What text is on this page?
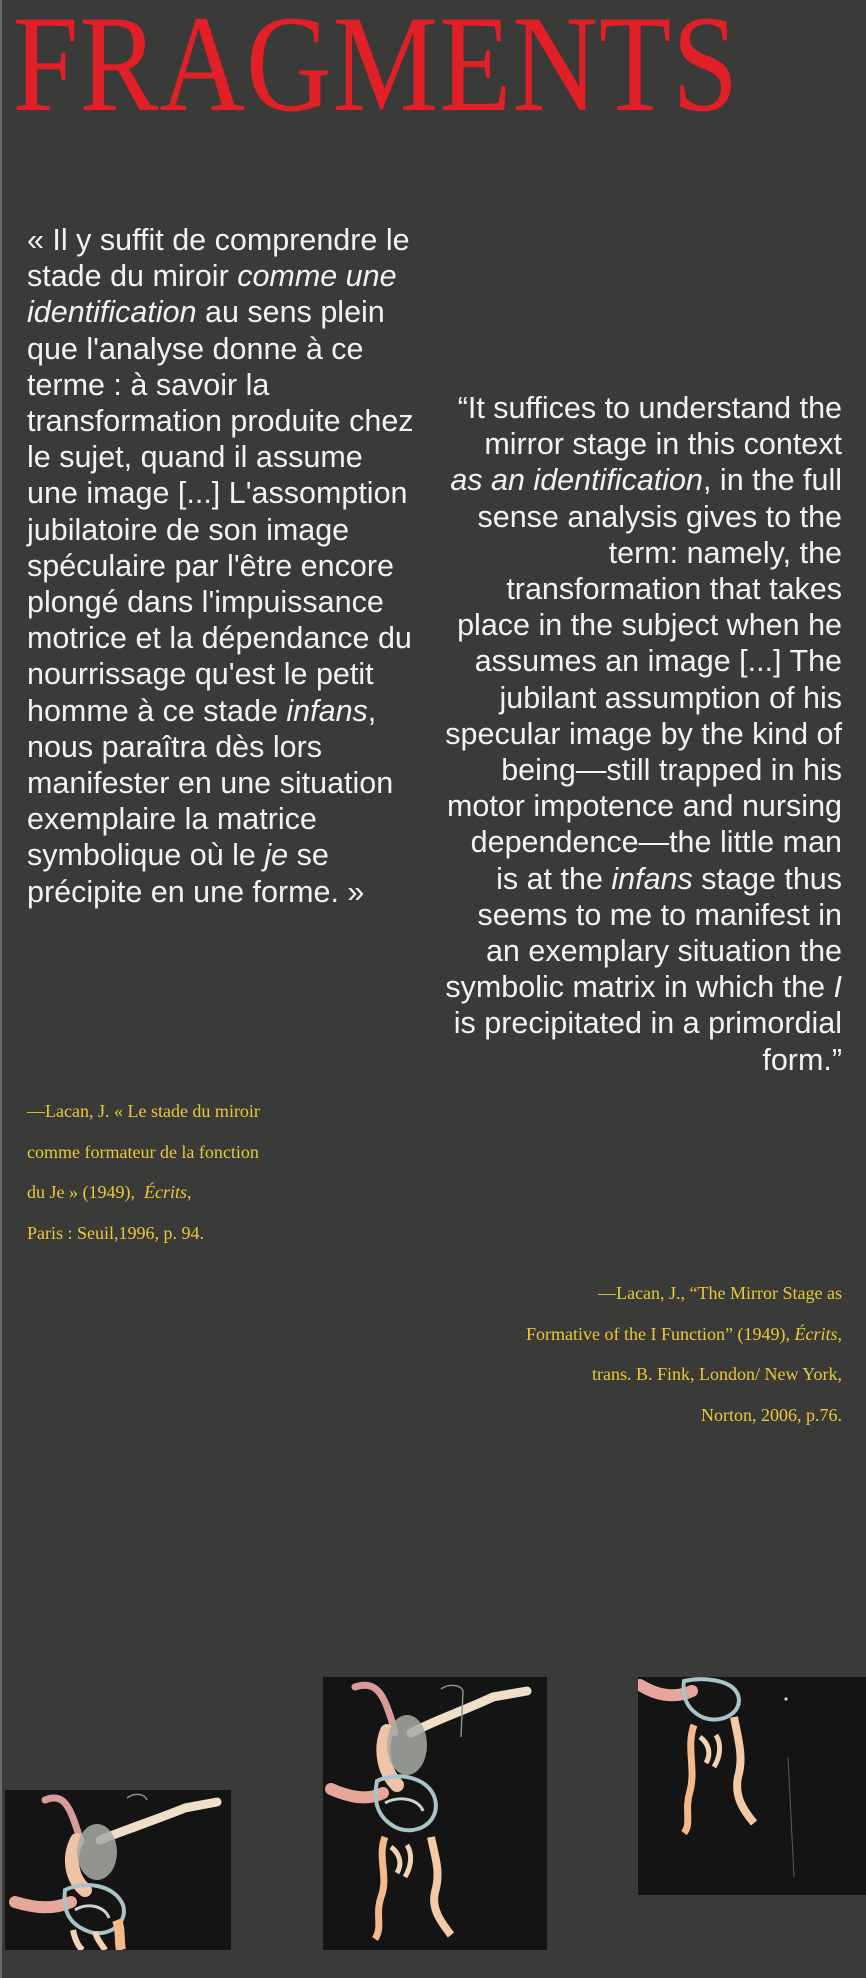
FRAGMENTS
« Il y suffit de comprendre le stade du miroir comme une identification au sens plein que l'analyse donne à ce terme : à savoir la transformation produite chez le sujet, quand il assume une image [...] L'assomption jubilatoire de son image spéculaire par l'être encore plongé dans l'impuissance motrice et la dépendance du nourrissage qu'est le petit homme à ce stade infans, nous paraîtra dès lors manifester en une situation exemplaire la matrice symbolique où le je se précipite en une forme. »
—Lacan, J. « Le stade du miroir
comme formateur de la fonction
du Je » (1949),  Écrits,
Paris : Seuil,1996, p. 94.
“It suffices to understand the mirror stage in this context as an identification, in the full sense analysis gives to the term: namely, the transformation that takes place in the subject when he assumes an image [...] The jubilant assumption of his specular image by the kind of being—still trapped in his motor impotence and nursing dependence—the little man is at the infans stage thus seems to me to manifest in an exemplary situation the symbolic matrix in which the I is precipitated in a primordial form.”
—Lacan, J., “The Mirror Stage as
Formative of the I Function” (1949), Écrits,
trans. B. Fink, London/ New York,
Norton, 2006, p.76.
